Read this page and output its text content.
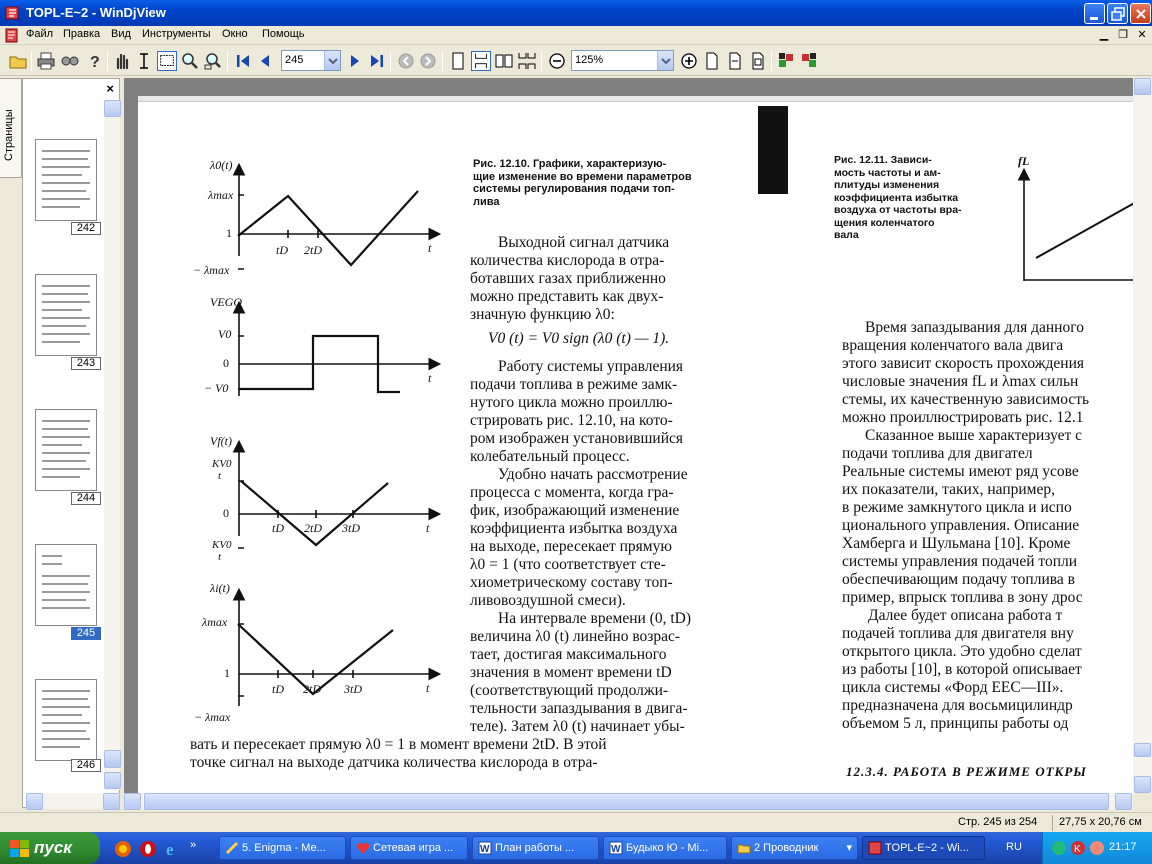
TOPL-E~2 - WinDjView
Файл Правка Вид Инструменты Окно Помощь	▁ ❐ ✕
?	245	125%
Страницы
×
242
243
244
245
246
λ0(t)
λmax
1
− λmax
tD 2tD	t
VEGO
V0
0
− V0
t
Vf(t)
KV0
t
0
tD 2tD 3tD	t
KV0
t
λi(t)
λmax
1
tD 2tD 3tD	t
− λmax
Рис. 12.10. Графики, характеризую-
щие изменение во времени параметров
системы регулирования подачи топ-
лива
Выходной сигнал датчика
количества кислорода в отра-
ботавших газах приближенно
можно представить как двух-
значную функцию λ0:
V0 (t) = V0 sign (λ0 (t) — 1).
Работу системы управления
подачи топлива в режиме замк-
нутого цикла можно проиллю-
стрировать рис. 12.10, на кото-
ром изображен установившийся
колебательный процесс.
Удобно начать рассмотрение
процесса с момента, когда гра-
фик, изображающий изменение
коэффициента избытка воздуха
на выходе, пересекает прямую
λ0 = 1 (что соответствует сте-
хиометрическому составу топ-
ливовоздушной смеси).
На интервале времени (0, tD)
величина λ0 (t) линейно возрас-
тает, достигая максимального
значения в момент времени tD
(соответствующий продолжи-
тельности запаздывания в двига-
теле). Затем λ0 (t) начинает убы-
вать и пересекает прямую λ0 = 1 в момент времени 2tD. В этой
точке сигнал на выходе датчика количества кислорода в отра-
Рис. 12.11. Зависи-
мость частоты и ам-
плитуды изменения
коэффициента избытка
воздуха от частоты вра-
щения коленчатого
вала
fL
Время запаздывания для данного
вращения коленчатого вала двига
этого зависит скорость прохождения
числовые значения fL и λmax сильн
стемы, их качественную зависимость
можно проиллюстрировать рис. 12.1
Сказанное выше характеризует с
подачи топлива для двигател
Реальные системы имеют ряд усове
их показатели, таких, например,
в режиме замкнутого цикла и испо
ционального управления. Описание
Хамберга и Шульмана [10]. Кроме
системы управления подачей топли
обеспечивающим подачу топлива в
пример, впрыск топлива в зону дрос
Далее будет описана работа т
подачей топлива для двигателя вну
открытого цикла. Это удобно сделат
из работы [10], в которой описывает
цикла системы «Форд EEC—III».
предназначена для восьмицилиндр
объемом 5 л, принципы работы од
12.3.4. РАБОТА В РЕЖИМЕ ОТКРЫ
Стр. 245 из 254	27,75 x 20,76 см
пуск	e »	5. Enigma - Me...	Сетевая игра ...	W План работы ...	W Будыко Ю - Mi...	2 Проводник	▾	TOPL-E~2 - Wi...	RU	K	21:17
